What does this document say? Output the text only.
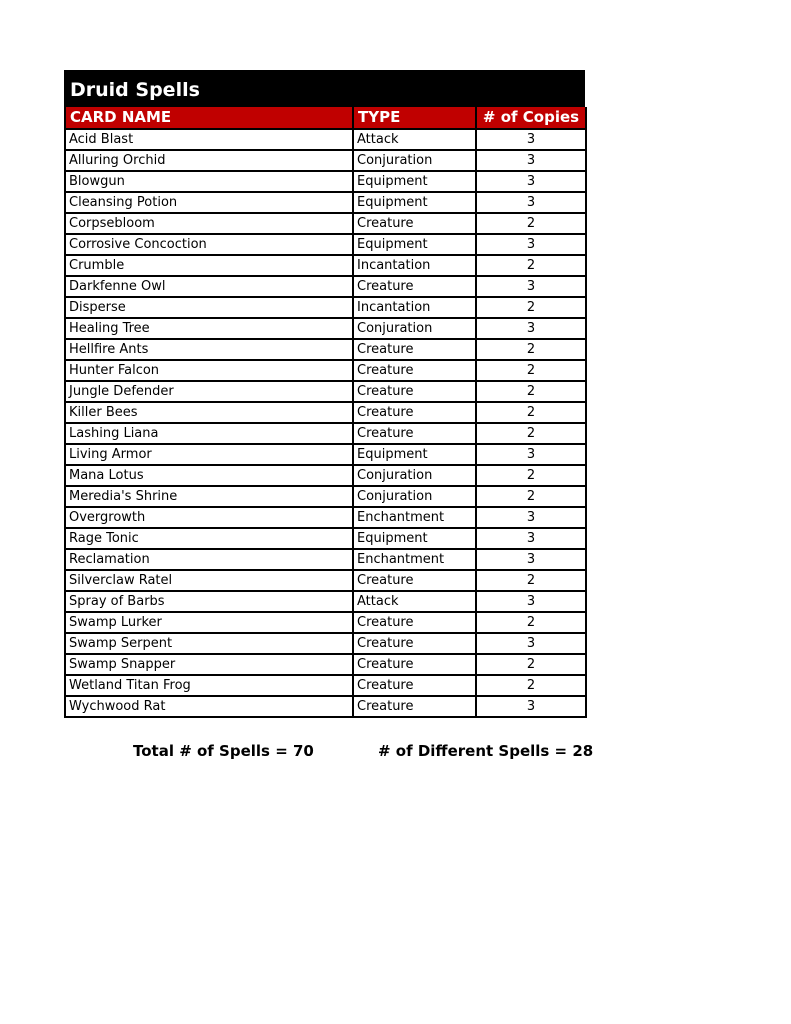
Druid Spells
CARD NAME	TYPE	# of Copies
Acid Blast	Attack	3
Alluring Orchid	Conjuration	3
Blowgun	Equipment	3
Cleansing Potion	Equipment	3
Corpsebloom	Creature	2
Corrosive Concoction	Equipment	3
Crumble	Incantation	2
Darkfenne Owl	Creature	3
Disperse	Incantation	2
Healing Tree	Conjuration	3
Hellfire Ants	Creature	2
Hunter Falcon	Creature	2
Jungle Defender	Creature	2
Killer Bees	Creature	2
Lashing Liana	Creature	2
Living Armor	Equipment	3
Mana Lotus	Conjuration	2
Meredia's Shrine	Conjuration	2
Overgrowth	Enchantment	3
Rage Tonic	Equipment	3
Reclamation	Enchantment	3
Silverclaw Ratel	Creature	2
Spray of Barbs	Attack	3
Swamp Lurker	Creature	2
Swamp Serpent	Creature	3
Swamp Snapper	Creature	2
Wetland Titan Frog	Creature	2
Wychwood Rat	Creature	3
Total # of Spells = 70	# of Different Spells = 28
